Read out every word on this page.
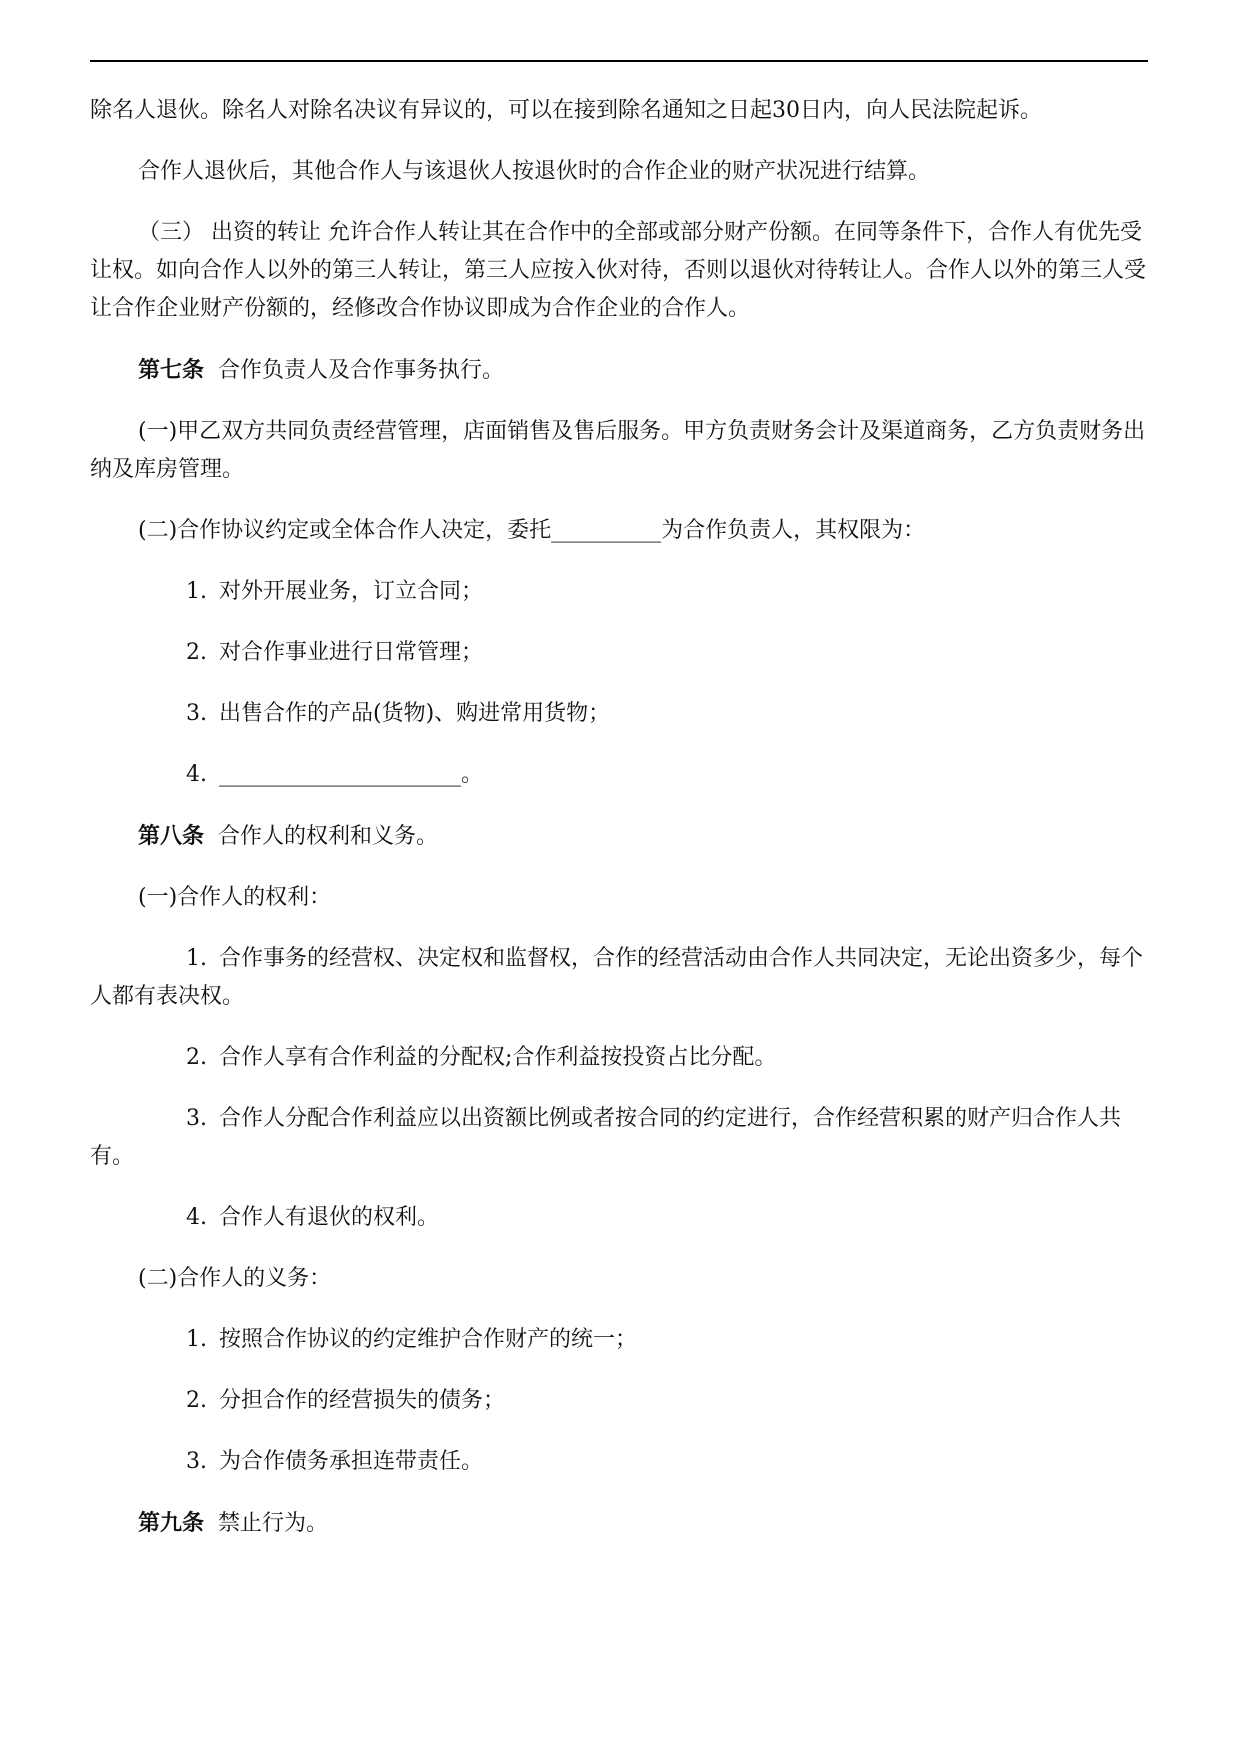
除名人退伙。除名人对除名决议有异议的，可以在接到除名通知之日起30日内，向人民法院起诉。

合作人退伙后，其他合作人与该退伙人按退伙时的合作企业的财产状况进行结算。

（三） 出资的转让 允许合作人转让其在合作中的全部或部分财产份额。在同等条件下，合作人有优先受让权。如向合作人以外的第三人转让，第三人应按入伙对待，否则以退伙对待转让人。合作人以外的第三人受让合作企业财产份额的，经修改合作协议即成为合作企业的合作人。

第七条 合作负责人及合作事务执行。

(一)甲乙双方共同负责经营管理，店面销售及售后服务。甲方负责财务会计及渠道商务，乙方负责财务出纳及库房管理。

(二)合作协议约定或全体合作人决定，委托__________为合作负责人，其权限为：

1. 对外开展业务，订立合同；

2. 对合作事业进行日常管理；

3. 出售合作的产品(货物)、购进常用货物；

4. ______________________。

第八条 合作人的权利和义务。

(一)合作人的权利：

1. 合作事务的经营权、决定权和监督权，合作的经营活动由合作人共同决定，无论出资多少，每个人都有表决权。

2. 合作人享有合作利益的分配权;合作利益按投资占比分配。

3. 合作人分配合作利益应以出资额比例或者按合同的约定进行，合作经营积累的财产归合作人共有。

4. 合作人有退伙的权利。

(二)合作人的义务：

1. 按照合作协议的约定维护合作财产的统一；

2. 分担合作的经营损失的债务；

3. 为合作债务承担连带责任。

第九条 禁止行为。
